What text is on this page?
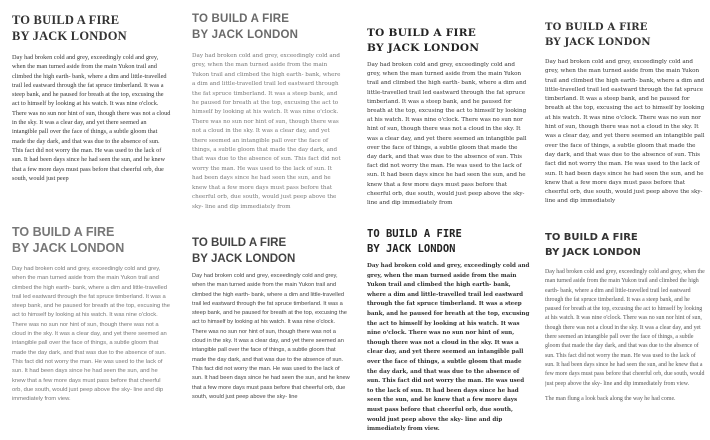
TO BUILD A FIRE
BY JACK LONDON

Day had broken cold and grey, exceedingly cold and grey, when the man turned aside from the main Yukon trail and climbed the high earth- bank, where a dim and little-travelled trail led eastward through the fat spruce timberland. It was a steep bank, and he paused for breath at the top, excusing the act to himself by looking at his watch. It was nine o'clock. There was no sun nor hint of sun, though there was not a cloud in the sky. It was a clear day, and yet there seemed an intangible pall over the face of things, a subtle gloom that made the day dark, and that was due to the absence of sun. This fact did not worry the man. He was used to the lack of sun. It had been days since he had seen the sun, and he knew that a few more days must pass before that cheerful orb, due south, would just peep

TO BUILD A FIRE
BY JACK LONDON

Day had broken cold and grey, exceedingly cold and grey, when the man turned aside from the main Yukon trail and climbed the high earth- bank, where a dim and little-travelled trail led eastward through the fat spruce timberland. It was a steep bank, and he paused for breath at the top, excusing the act to himself by looking at his watch. It was nine o'clock. There was no sun nor hint of sun, though there was not a cloud in the sky. It was a clear day, and yet there seemed an intangible pall over the face of things, a subtle gloom that made the day dark, and that was due to the absence of sun. This fact did not worry the man. He was used to the lack of sun. It had been days since he had seen the sun, and he knew that a few more days must pass before that cheerful orb, due south, would just peep above the sky- line and dip immediately from

TO BUILD A FIRE
BY JACK LONDON

Day had broken cold and grey, exceedingly cold and grey, when the man turned aside from the main Yukon trail and climbed the high earth- bank, where a dim and little-travelled trail led eastward through the fat spruce timberland. It was a steep bank, and he paused for breath at the top, excusing the act to himself by looking at his watch. It was nine o'clock. There was no sun nor hint of sun, though there was not a cloud in the sky. It was a clear day, and yet there seemed an intangible pall over the face of things, a subtle gloom that made the day dark, and that was due to the absence of sun. This fact did not worry the man. He was used to the lack of sun. It had been days since he had seen the sun, and he knew that a few more days must pass before that cheerful orb, due south, would just peep above the sky- line and dip immediately from

TO BUILD A FIRE
BY JACK LONDON

Day had broken cold and grey, exceedingly cold and grey, when the man turned aside from the main Yukon trail and climbed the high earth- bank, where a dim and little-travelled trail led eastward through the fat spruce timberland. It was a steep bank, and he paused for breath at the top, excusing the act to himself by looking at his watch. It was nine o'clock. There was no sun nor hint of sun, though there was not a cloud in the sky. It was a clear day, and yet there seemed an intangible pall over the face of things, a subtle gloom that made the day dark, and that was due to the absence of sun. This fact did not worry the man. He was used to the lack of sun. It had been days since he had seen the sun, and he knew that a few more days must pass before that cheerful orb, due south, would just peep above the sky- line and dip immediately

TO BUILD A FIRE
BY JACK LONDON

Day had broken cold and grey, exceedingly cold and grey, when the man turned aside from the main Yukon trail and climbed the high earth- bank, where a dim and little-travelled trail led eastward through the fat spruce timberland. It was a steep bank, and he paused for breath at the top, excusing the act to himself by looking at his watch. It was nine o'clock. There was no sun nor hint of sun, though there was not a cloud in the sky. It was a clear day, and yet there seemed an intangible pall over the face of things, a subtle gloom that made the day dark, and that was due to the absence of sun. This fact did not worry the man. He was used to the lack of sun. It had been days since he had seen the sun, and he knew that a few more days must pass before that cheerful orb, due south, would just peep above the sky- line and dip immediately from view.

TO BUILD A FIRE
BY JACK LONDON

Day had broken cold and grey, exceedingly cold and grey, when the man turned aside from the main Yukon trail and climbed the high earth- bank, where a dim and little-travelled trail led eastward through the fat spruce timberland. It was a steep bank, and he paused for breath at the top, excusing the act to himself by looking at his watch. It was nine o'clock. There was no sun nor hint of sun, though there was not a cloud in the sky. It was a clear day, and yet there seemed an intangible pall over the face of things, a subtle gloom that made the day dark, and that was due to the absence of sun. This fact did not worry the man. He was used to the lack of sun. It had been days since he had seen the sun, and he knew that a few more days must pass before that cheerful orb, due south, would just peep above the sky- line

TO BUILD A FIRE
BY JACK LONDON

Day had broken cold and grey, exceedingly cold and grey, when the man turned aside from the main Yukon trail and climbed the high earth- bank, where a dim and little-travelled trail led eastward through the fat spruce timberland. It was a steep bank, and he paused for breath at the top, excusing the act to himself by looking at his watch. It was nine o'clock. There was no sun nor hint of sun, though there was not a cloud in the sky. It was a clear day, and yet there seemed an intangible pall over the face of things, a subtle gloom that made the day dark, and that was due to the absence of sun. This fact did not worry the man. He was used to the lack of sun. It had been days since he had seen the sun, and he knew that a few more days must pass before that cheerful orb, due south, would just peep above the sky- line and dip immediately from view.

TO BUILD A FIRE
BY JACK LONDON

Day had broken cold and grey, exceedingly cold and grey, when the man turned aside from the main Yukon trail and climbed the high earth- bank, where a dim and little-travelled trail led eastward through the fat spruce timberland. It was a steep bank, and he paused for breath at the top, excusing the act to himself by looking at his watch. It was nine o'clock. There was no sun nor hint of sun, though there was not a cloud in the sky. It was a clear day, and yet there seemed an intangible pall over the face of things, a subtle gloom that made the day dark, and that was due to the absence of sun. This fact did not worry the man. He was used to the lack of sun. It had been days since he had seen the sun, and he knew that a few more days must pass before that cheerful orb, due south, would just peep above the sky- line and dip immediately from view.

The man flung a look back along the way he had come.
